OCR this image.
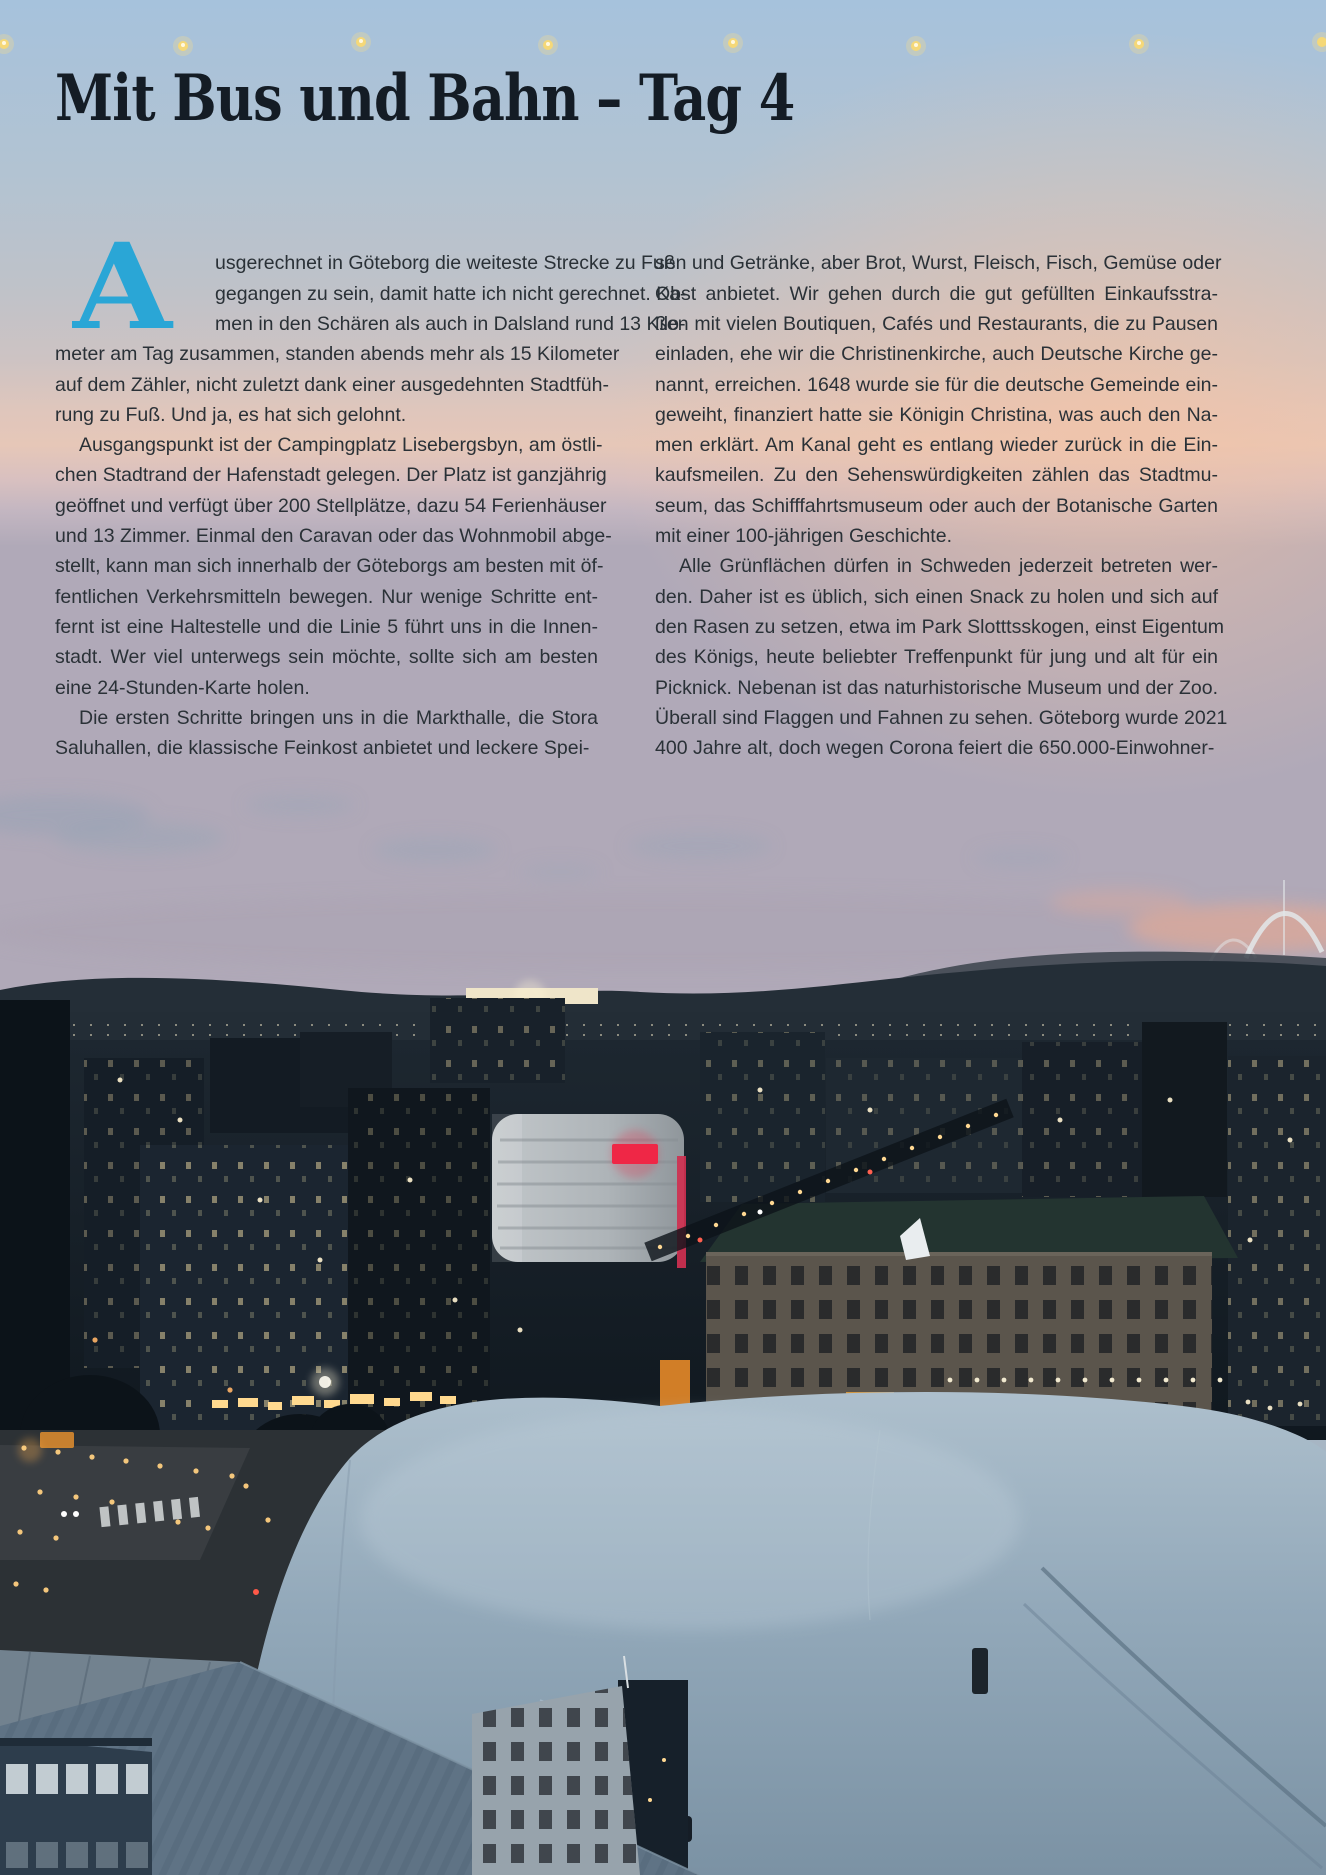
Mit Bus und Bahn – Tag 4
A usgerechnet in Göteborg die weiteste Strecke zu Fuß
gegangen zu sein, damit hatte ich nicht gerechnet. Ka-
men in den Schären als auch in Dalsland rund 13 Kilo-
meter am Tag zusammen, standen abends mehr als 15 Kilometer
auf dem Zähler, nicht zuletzt dank einer ausgedehnten Stadtfüh-
rung zu Fuß. Und ja, es hat sich gelohnt.
Ausgangspunkt ist der Campingplatz Lisebergsbyn, am östli-
chen Stadtrand der Hafenstadt gelegen. Der Platz ist ganzjährig
geöffnet und verfügt über 200 Stellplätze, dazu 54 Ferienhäuser
und 13 Zimmer. Einmal den Caravan oder das Wohnmobil abge-
stellt, kann man sich innerhalb der Göteborgs am besten mit öf-
fentlichen Verkehrsmitteln bewegen. Nur wenige Schritte ent-
fernt ist eine Haltestelle und die Linie 5 führt uns in die Innen-
stadt. Wer viel unterwegs sein möchte, sollte sich am besten
eine 24-Stunden-Karte holen.
Die ersten Schritte bringen uns in die Markthalle, die Stora
Saluhallen, die klassische Feinkost anbietet und leckere Spei-
sen und Getränke, aber Brot, Wurst, Fleisch, Fisch, Gemüse oder
Obst anbietet. Wir gehen durch die gut gefüllten Einkaufsstra-
ßen mit vielen Boutiquen, Cafés und Restaurants, die zu Pausen
einladen, ehe wir die Christinenkirche, auch Deutsche Kirche ge-
nannt, erreichen. 1648 wurde sie für die deutsche Gemeinde ein-
geweiht, finanziert hatte sie Königin Christina, was auch den Na-
men erklärt. Am Kanal geht es entlang wieder zurück in die Ein-
kaufsmeilen. Zu den Sehenswürdigkeiten zählen das Stadtmu-
seum, das Schifffahrtsmuseum oder auch der Botanische Garten
mit einer 100-jährigen Geschichte.
Alle Grünflächen dürfen in Schweden jederzeit betreten wer-
den. Daher ist es üblich, sich einen Snack zu holen und sich auf
den Rasen zu setzen, etwa im Park Slotttsskogen, einst Eigentum
des Königs, heute beliebter Treffenpunkt für jung und alt für ein
Picknick. Nebenan ist das naturhistorische Museum und der Zoo.
Überall sind Flaggen und Fahnen zu sehen. Göteborg wurde 2021
400 Jahre alt, doch wegen Corona feiert die 650.000-Einwohner-
